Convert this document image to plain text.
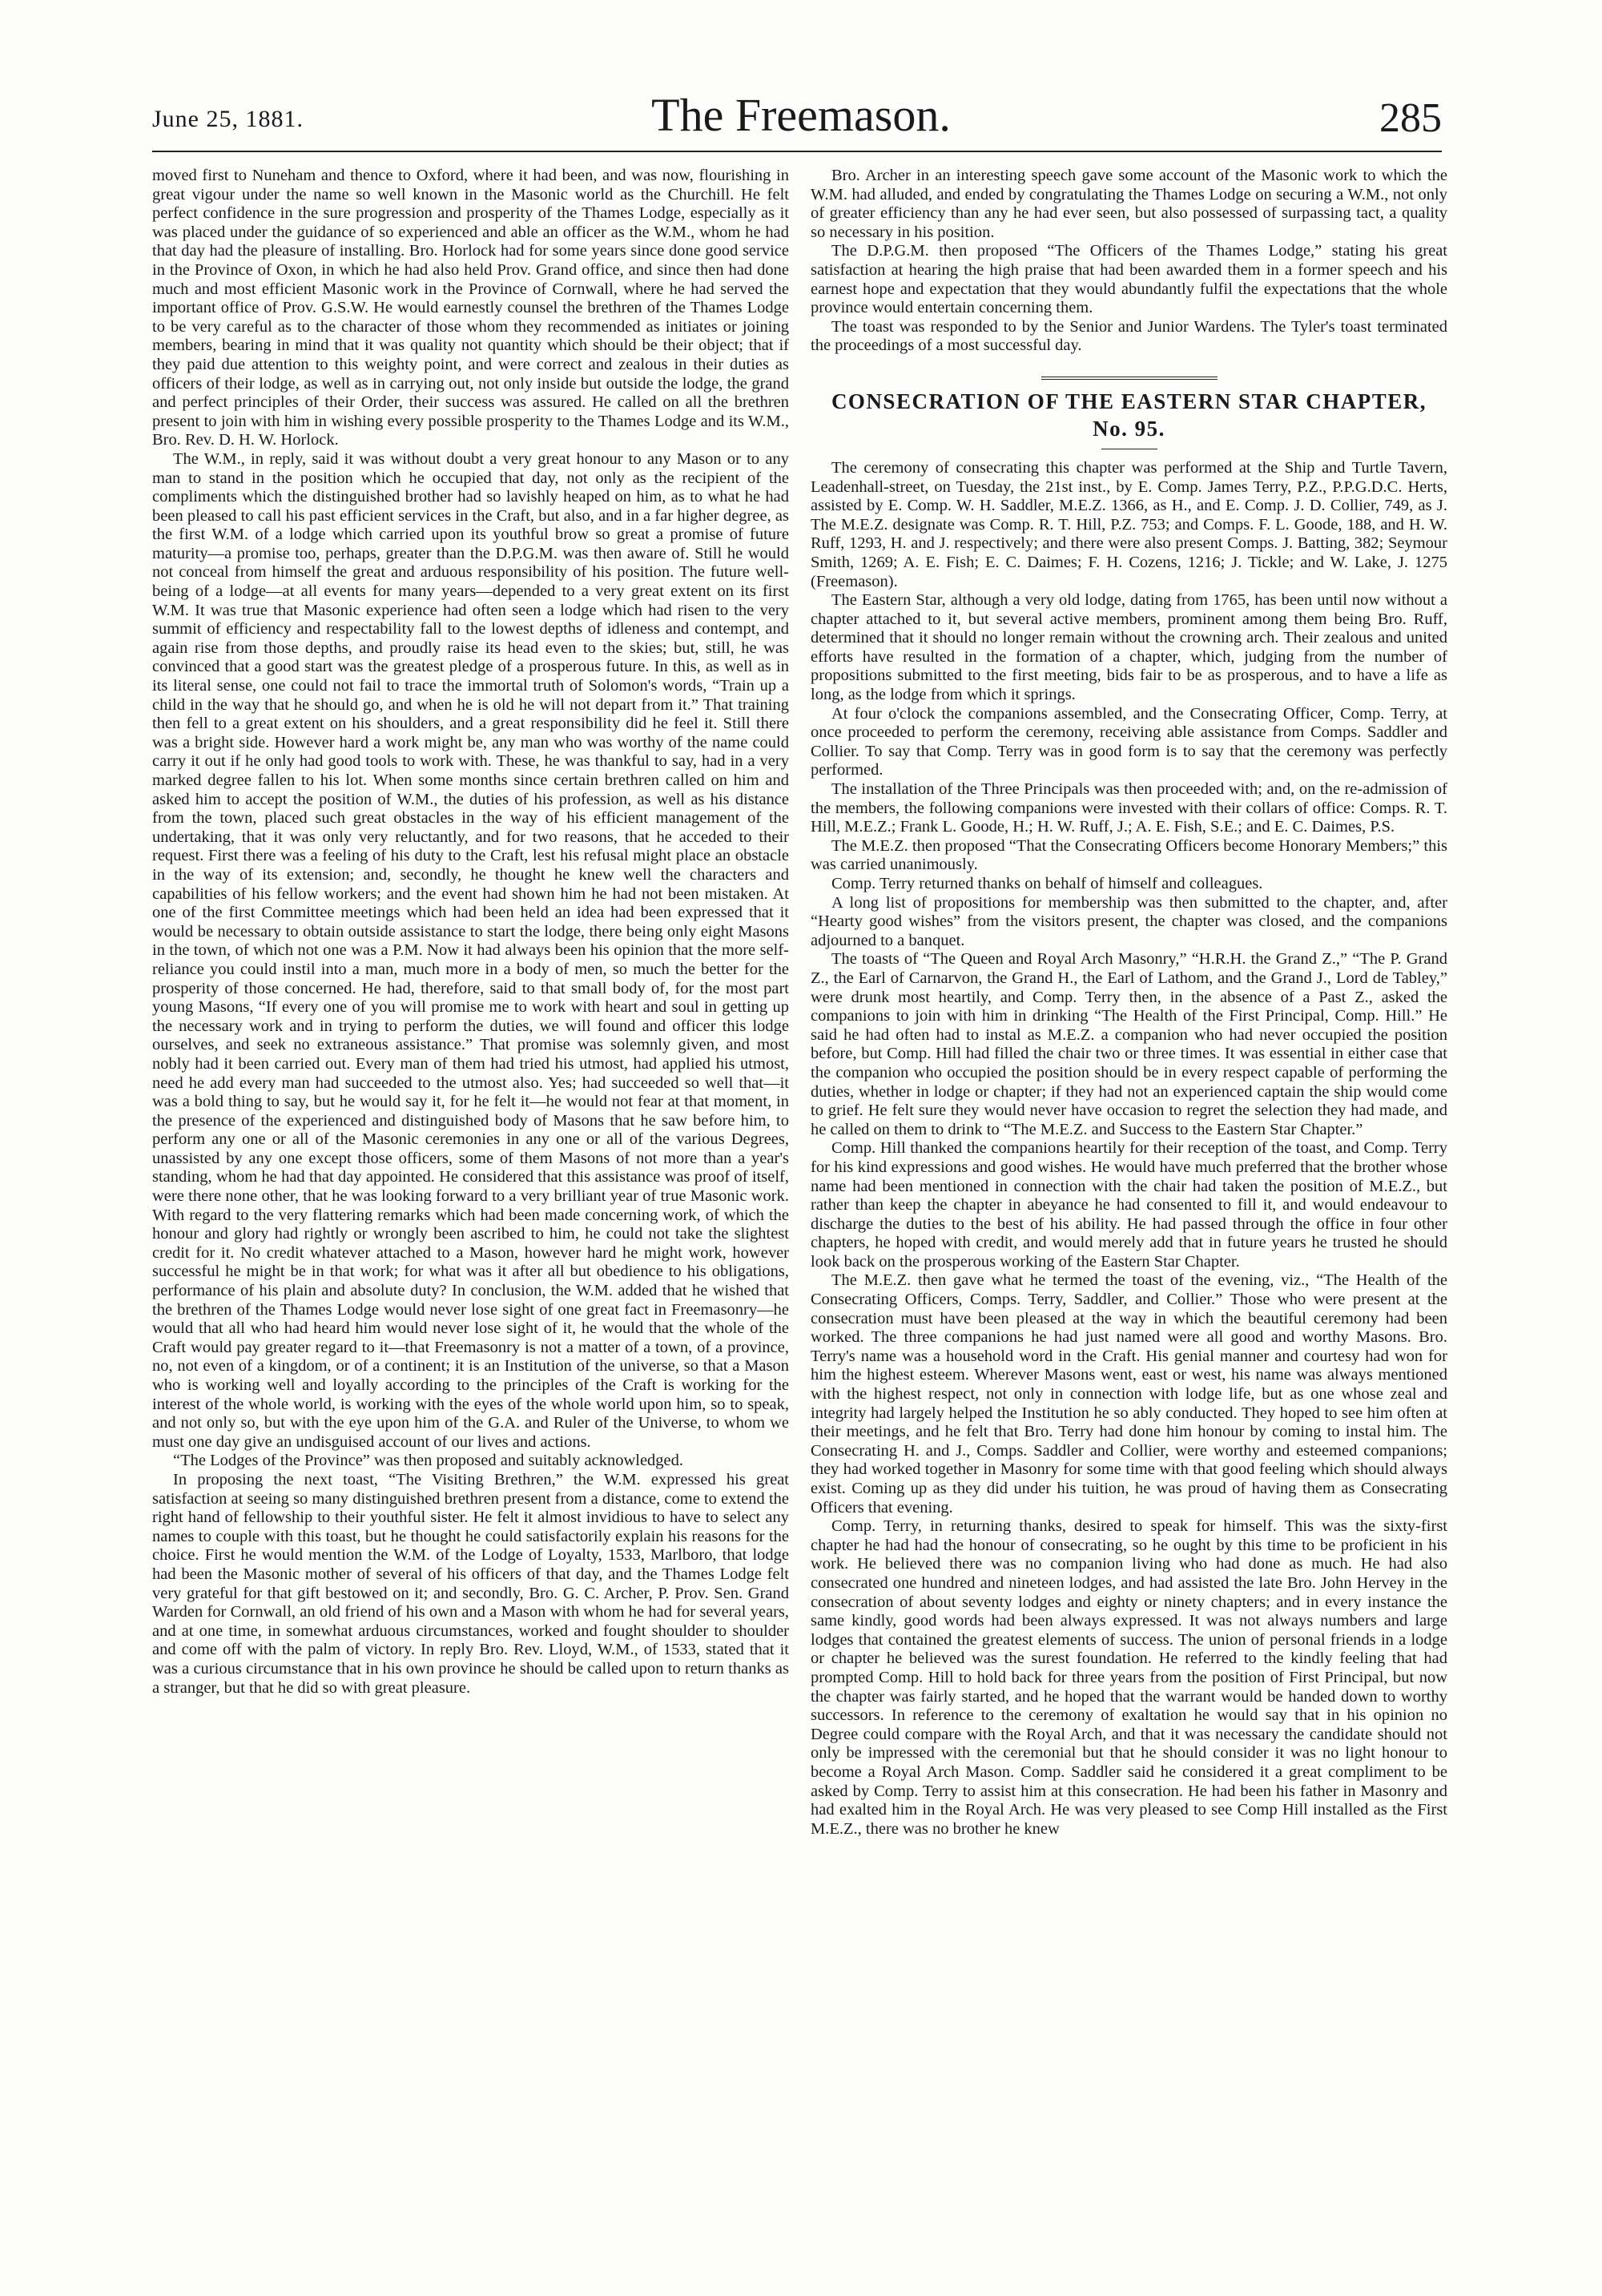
June 25, 1881.	The Freemason.	285

moved first to Nuneham and thence to Oxford, where it had been, and was now, flourishing in great vigour under the name so well known in the Masonic world as the Churchill. He felt perfect confidence in the sure progression and prosperity of the Thames Lodge, especially as it was placed under the guidance of so experienced and able an officer as the W.M., whom he had that day had the pleasure of installing. Bro. Horlock had for some years since done good service in the Province of Oxon, in which he had also held Prov. Grand office, and since then had done much and most efficient Masonic work in the Province of Cornwall, where he had served the important office of Prov. G.S.W. He would earnestly counsel the brethren of the Thames Lodge to be very careful as to the character of those whom they recommended as initiates or joining members, bearing in mind that it was quality not quantity which should be their object; that if they paid due attention to this weighty point, and were correct and zealous in their duties as officers of their lodge, as well as in carrying out, not only inside but outside the lodge, the grand and perfect principles of their Order, their success was assured. He called on all the brethren present to join with him in wishing every possible prosperity to the Thames Lodge and its W.M., Bro. Rev. D. H. W. Horlock.

The W.M., in reply, said it was without doubt a very great honour to any Mason or to any man to stand in the position which he occupied that day, not only as the recipient of the compliments which the distinguished brother had so lavishly heaped on him, as to what he had been pleased to call his past efficient services in the Craft, but also, and in a far higher degree, as the first W.M. of a lodge which carried upon its youthful brow so great a promise of future maturity—a promise too, perhaps, greater than the D.P.G.M. was then aware of. Still he would not conceal from himself the great and arduous responsibility of his position. The future well-being of a lodge—at all events for many years—depended to a very great extent on its first W.M. It was true that Masonic experience had often seen a lodge which had risen to the very summit of efficiency and respectability fall to the lowest depths of idleness and contempt, and again rise from those depths, and proudly raise its head even to the skies; but, still, he was convinced that a good start was the greatest pledge of a prosperous future. In this, as well as in its literal sense, one could not fail to trace the immortal truth of Solomon's words, “Train up a child in the way that he should go, and when he is old he will not depart from it.” That training then fell to a great extent on his shoulders, and a great responsibility did he feel it. Still there was a bright side. However hard a work might be, any man who was worthy of the name could carry it out if he only had good tools to work with. These, he was thankful to say, had in a very marked degree fallen to his lot. When some months since certain brethren called on him and asked him to accept the position of W.M., the duties of his profession, as well as his distance from the town, placed such great obstacles in the way of his efficient management of the undertaking, that it was only very reluctantly, and for two reasons, that he acceded to their request. First there was a feeling of his duty to the Craft, lest his refusal might place an obstacle in the way of its extension; and, secondly, he thought he knew well the characters and capabilities of his fellow workers; and the event had shown him he had not been mistaken. At one of the first Committee meetings which had been held an idea had been expressed that it would be necessary to obtain outside assistance to start the lodge, there being only eight Masons in the town, of which not one was a P.M. Now it had always been his opinion that the more self-reliance you could instil into a man, much more in a body of men, so much the better for the prosperity of those concerned. He had, therefore, said to that small body of, for the most part young Masons, “If every one of you will promise me to work with heart and soul in getting up the necessary work and in trying to perform the duties, we will found and officer this lodge ourselves, and seek no extraneous assistance.” That promise was solemnly given, and most nobly had it been carried out. Every man of them had tried his utmost, had applied his utmost, need he add every man had succeeded to the utmost also. Yes; had succeeded so well that—it was a bold thing to say, but he would say it, for he felt it—he would not fear at that moment, in the presence of the experienced and distinguished body of Masons that he saw before him, to perform any one or all of the Masonic ceremonies in any one or all of the various Degrees, unassisted by any one except those officers, some of them Masons of not more than a year's standing, whom he had that day appointed. He considered that this assistance was proof of itself, were there none other, that he was looking forward to a very brilliant year of true Masonic work. With regard to the very flattering remarks which had been made concerning work, of which the honour and glory had rightly or wrongly been ascribed to him, he could not take the slightest credit for it. No credit whatever attached to a Mason, however hard he might work, however successful he might be in that work; for what was it after all but obedience to his obligations, performance of his plain and absolute duty? In conclusion, the W.M. added that he wished that the brethren of the Thames Lodge would never lose sight of one great fact in Freemasonry—he would that all who had heard him would never lose sight of it, he would that the whole of the Craft would pay greater regard to it—that Freemasonry is not a matter of a town, of a province, no, not even of a kingdom, or of a continent; it is an Institution of the universe, so that a Mason who is working well and loyally according to the principles of the Craft is working for the interest of the whole world, is working with the eyes of the whole world upon him, so to speak, and not only so, but with the eye upon him of the G.A. and Ruler of the Universe, to whom we must one day give an undisguised account of our lives and actions.

“The Lodges of the Province” was then proposed and suitably acknowledged.

In proposing the next toast, “The Visiting Brethren,” the W.M. expressed his great satisfaction at seeing so many distinguished brethren present from a distance, come to extend the right hand of fellowship to their youthful sister. He felt it almost invidious to have to select any names to couple with this toast, but he thought he could satisfactorily explain his reasons for the choice. First he would mention the W.M. of the Lodge of Loyalty, 1533, Marlboro, that lodge had been the Masonic mother of several of his officers of that day, and the Thames Lodge felt very grateful for that gift bestowed on it; and secondly, Bro. G. C. Archer, P. Prov. Sen. Grand Warden for Cornwall, an old friend of his own and a Mason with whom he had for several years, and at one time, in somewhat arduous circumstances, worked and fought shoulder to shoulder and come off with the palm of victory. In reply Bro. Rev. Lloyd, W.M., of 1533, stated that it was a curious circumstance that in his own province he should be called upon to return thanks as a stranger, but that he did so with great pleasure.

Bro. Archer in an interesting speech gave some account of the Masonic work to which the W.M. had alluded, and ended by congratulating the Thames Lodge on securing a W.M., not only of greater efficiency than any he had ever seen, but also possessed of surpassing tact, a quality so necessary in his position.

The D.P.G.M. then proposed “The Officers of the Thames Lodge,” stating his great satisfaction at hearing the high praise that had been awarded them in a former speech and his earnest hope and expectation that they would abundantly fulfil the expectations that the whole province would entertain concerning them.

The toast was responded to by the Senior and Junior Wardens. The Tyler's toast terminated the proceedings of a most successful day.

CONSECRATION OF THE EASTERN STAR CHAPTER, No. 95.

The ceremony of consecrating this chapter was performed at the Ship and Turtle Tavern, Leadenhall-street, on Tuesday, the 21st inst., by E. Comp. James Terry, P.Z., P.P.G.D.C. Herts, assisted by E. Comp. W. H. Saddler, M.E.Z. 1366, as H., and E. Comp. J. D. Collier, 749, as J. The M.E.Z. designate was Comp. R. T. Hill, P.Z. 753; and Comps. F. L. Goode, 188, and H. W. Ruff, 1293, H. and J. respectively; and there were also present Comps. J. Batting, 382; Seymour Smith, 1269; A. E. Fish; E. C. Daimes; F. H. Cozens, 1216; J. Tickle; and W. Lake, J. 1275 (Freemason).

The Eastern Star, although a very old lodge, dating from 1765, has been until now without a chapter attached to it, but several active members, prominent among them being Bro. Ruff, determined that it should no longer remain without the crowning arch. Their zealous and united efforts have resulted in the formation of a chapter, which, judging from the number of propositions submitted to the first meeting, bids fair to be as prosperous, and to have a life as long, as the lodge from which it springs.

At four o'clock the companions assembled, and the Consecrating Officer, Comp. Terry, at once proceeded to perform the ceremony, receiving able assistance from Comps. Saddler and Collier. To say that Comp. Terry was in good form is to say that the ceremony was perfectly performed.

The installation of the Three Principals was then proceeded with; and, on the re-admission of the members, the following companions were invested with their collars of office: Comps. R. T. Hill, M.E.Z.; Frank L. Goode, H.; H. W. Ruff, J.; A. E. Fish, S.E.; and E. C. Daimes, P.S.

The M.E.Z. then proposed “That the Consecrating Officers become Honorary Members;” this was carried unanimously.

Comp. Terry returned thanks on behalf of himself and colleagues.

A long list of propositions for membership was then submitted to the chapter, and, after “Hearty good wishes” from the visitors present, the chapter was closed, and the companions adjourned to a banquet.

The toasts of “The Queen and Royal Arch Masonry,” “H.R.H. the Grand Z.,” “The P. Grand Z., the Earl of Carnarvon, the Grand H., the Earl of Lathom, and the Grand J., Lord de Tabley,” were drunk most heartily, and Comp. Terry then, in the absence of a Past Z., asked the companions to join with him in drinking “The Health of the First Principal, Comp. Hill.” He said he had often had to instal as M.E.Z. a companion who had never occupied the position before, but Comp. Hill had filled the chair two or three times. It was essential in either case that the companion who occupied the position should be in every respect capable of performing the duties, whether in lodge or chapter; if they had not an experienced captain the ship would come to grief. He felt sure they would never have occasion to regret the selection they had made, and he called on them to drink to “The M.E.Z. and Success to the Eastern Star Chapter.”

Comp. Hill thanked the companions heartily for their reception of the toast, and Comp. Terry for his kind expressions and good wishes. He would have much preferred that the brother whose name had been mentioned in connection with the chair had taken the position of M.E.Z., but rather than keep the chapter in abeyance he had consented to fill it, and would endeavour to discharge the duties to the best of his ability. He had passed through the office in four other chapters, he hoped with credit, and would merely add that in future years he trusted he should look back on the prosperous working of the Eastern Star Chapter.

The M.E.Z. then gave what he termed the toast of the evening, viz., “The Health of the Consecrating Officers, Comps. Terry, Saddler, and Collier.” Those who were present at the consecration must have been pleased at the way in which the beautiful ceremony had been worked. The three companions he had just named were all good and worthy Masons. Bro. Terry's name was a household word in the Craft. His genial manner and courtesy had won for him the highest esteem. Wherever Masons went, east or west, his name was always mentioned with the highest respect, not only in connection with lodge life, but as one whose zeal and integrity had largely helped the Institution he so ably conducted. They hoped to see him often at their meetings, and he felt that Bro. Terry had done him honour by coming to instal him. The Consecrating H. and J., Comps. Saddler and Collier, were worthy and esteemed companions; they had worked together in Masonry for some time with that good feeling which should always exist. Coming up as they did under his tuition, he was proud of having them as Consecrating Officers that evening.

Comp. Terry, in returning thanks, desired to speak for himself. This was the sixty-first chapter he had had the honour of consecrating, so he ought by this time to be proficient in his work. He believed there was no companion living who had done as much. He had also consecrated one hundred and nineteen lodges, and had assisted the late Bro. John Hervey in the consecration of about seventy lodges and eighty or ninety chapters; and in every instance the same kindly, good words had been always expressed. It was not always numbers and large lodges that contained the greatest elements of success. The union of personal friends in a lodge or chapter he believed was the surest foundation. He referred to the kindly feeling that had prompted Comp. Hill to hold back for three years from the position of First Principal, but now the chapter was fairly started, and he hoped that the warrant would be handed down to worthy successors. In reference to the ceremony of exaltation he would say that in his opinion no Degree could compare with the Royal Arch, and that it was necessary the candidate should not only be impressed with the ceremonial but that he should consider it was no light honour to become a Royal Arch Mason. Comp. Saddler said he considered it a great compliment to be asked by Comp. Terry to assist him at this consecration. He had been his father in Masonry and had exalted him in the Royal Arch. He was very pleased to see Comp Hill installed as the First M.E.Z., there was no brother he knew
